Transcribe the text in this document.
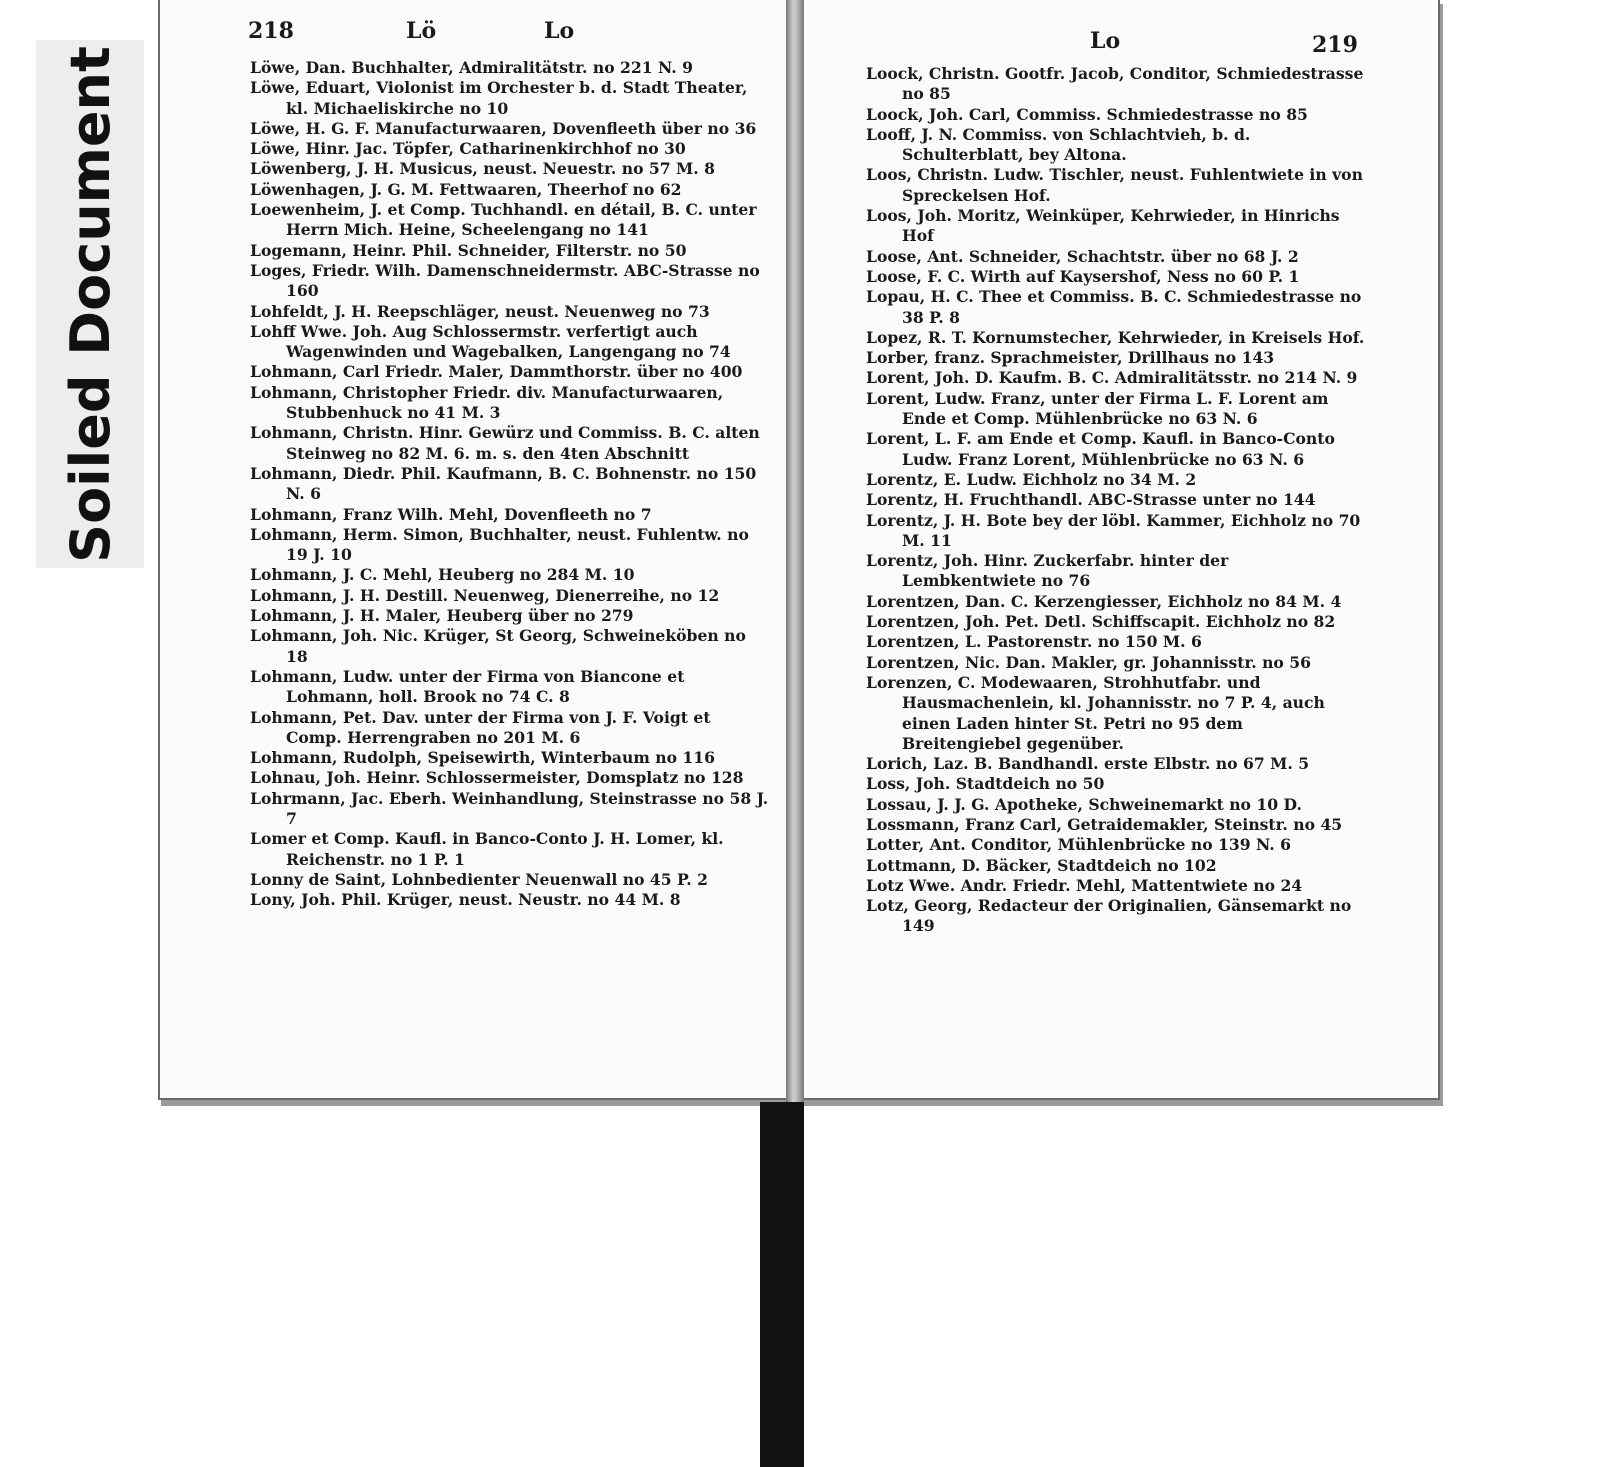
Soiled Document
218	Lö	Lo	Lo	219
Löwe, Dan. Buchhalter, Admiralitätstr. no 221 N. 9
Löwe, Eduart, Violonist im Orchester b. d. Stadt Theater, kl. Michaeliskirche no 10
Löwe, H. G. F. Manufacturwaaren, Dovenfleeth über no 36
Löwe, Hinr. Jac. Töpfer, Catharinenkirchhof no 30
Löwenberg, J. H. Musicus, neust. Neuestr. no 57 M. 8
Löwenhagen, J. G. M. Fettwaaren, Theerhof no 62
Loewenheim, J. et Comp. Tuchhandl. en détail, B. C. unter Herrn Mich. Heine, Scheelengang no 141
Logemann, Heinr. Phil. Schneider, Filterstr. no 50
Loges, Friedr. Wilh. Damenschneidermstr. ABC-Strasse no 160
Lohfeldt, J. H. Reepschläger, neust. Neuenweg no 73
Lohff Wwe. Joh. Aug Schlossermstr. verfertigt auch Wagenwinden und Wagebalken, Langengang no 74
Lohmann, Carl Friedr. Maler, Dammthorstr. über no 400
Lohmann, Christopher Friedr. div. Manufacturwaaren, Stubbenhuck no 41 M. 3
Lohmann, Christn. Hinr. Gewürz und Commiss. B. C. alten Steinweg no 82 M. 6. m. s. den 4ten Abschnitt
Lohmann, Diedr. Phil. Kaufmann, B. C. Bohnenstr. no 150 N. 6
Lohmann, Franz Wilh. Mehl, Dovenfleeth no 7
Lohmann, Herm. Simon, Buchhalter, neust. Fuhlentw. no 19 J. 10
Lohmann, J. C. Mehl, Heuberg no 284 M. 10
Lohmann, J. H. Destill. Neuenweg, Dienerreihe, no 12
Lohmann, J. H. Maler, Heuberg über no 279
Lohmann, Joh. Nic. Krüger, St Georg, Schweineköben no 18
Lohmann, Ludw. unter der Firma von Biancone et Lohmann, holl. Brook no 74 C. 8
Lohmann, Pet. Dav. unter der Firma von J. F. Voigt et Comp. Herrengraben no 201 M. 6
Lohmann, Rudolph, Speisewirth, Winterbaum no 116
Lohnau, Joh. Heinr. Schlossermeister, Domsplatz no 128
Lohrmann, Jac. Eberh. Weinhandlung, Steinstrasse no 58 J. 7
Lomer et Comp. Kaufl. in Banco-Conto J. H. Lomer, kl. Reichenstr. no 1 P. 1
Lonny de Saint, Lohnbedienter Neuenwall no 45 P. 2
Lony, Joh. Phil. Krüger, neust. Neustr. no 44 M. 8
Loock, Christn. Gootfr. Jacob, Conditor, Schmiedestrasse no 85
Loock, Joh. Carl, Commiss. Schmiedestrasse no 85
Looff, J. N. Commiss. von Schlachtvieh, b. d. Schulterblatt, bey Altona.
Loos, Christn. Ludw. Tischler, neust. Fuhlentwiete in von Spreckelsen Hof.
Loos, Joh. Moritz, Weinküper, Kehrwieder, in Hinrichs Hof
Loose, Ant. Schneider, Schachtstr. über no 68 J. 2
Loose, F. C. Wirth auf Kaysershof, Ness no 60 P. 1
Lopau, H. C. Thee et Commiss. B. C. Schmiedestrasse no 38 P. 8
Lopez, R. T. Kornumstecher, Kehrwieder, in Kreisels Hof.
Lorber, franz. Sprachmeister, Drillhaus no 143
Lorent, Joh. D. Kaufm. B. C. Admiralitätsstr. no 214 N. 9
Lorent, Ludw. Franz, unter der Firma L. F. Lorent am Ende et Comp. Mühlenbrücke no 63 N. 6
Lorent, L. F. am Ende et Comp. Kaufl. in Banco-Conto Ludw. Franz Lorent, Mühlenbrücke no 63 N. 6
Lorentz, E. Ludw. Eichholz no 34 M. 2
Lorentz, H. Fruchthandl. ABC-Strasse unter no 144
Lorentz, J. H. Bote bey der löbl. Kammer, Eichholz no 70 M. 11
Lorentz, Joh. Hinr. Zuckerfabr. hinter der Lembkentwiete no 76
Lorentzen, Dan. C. Kerzengiesser, Eichholz no 84 M. 4
Lorentzen, Joh. Pet. Detl. Schiffscapit. Eichholz no 82
Lorentzen, L. Pastorenstr. no 150 M. 6
Lorentzen, Nic. Dan. Makler, gr. Johannisstr. no 56
Lorenzen, C. Modewaaren, Strohhutfabr. und Hausmachenlein, kl. Johannisstr. no 7 P. 4, auch einen Laden hinter St. Petri no 95 dem Breitengiebel gegenüber.
Lorich, Laz. B. Bandhandl. erste Elbstr. no 67 M. 5
Loss, Joh. Stadtdeich no 50
Lossau, J. J. G. Apotheke, Schweinemarkt no 10 D.
Lossmann, Franz Carl, Getraidemakler, Steinstr. no 45
Lotter, Ant. Conditor, Mühlenbrücke no 139 N. 6
Lottmann, D. Bäcker, Stadtdeich no 102
Lotz Wwe. Andr. Friedr. Mehl, Mattentwiete no 24
Lotz, Georg, Redacteur der Originalien, Gänsemarkt no 149
